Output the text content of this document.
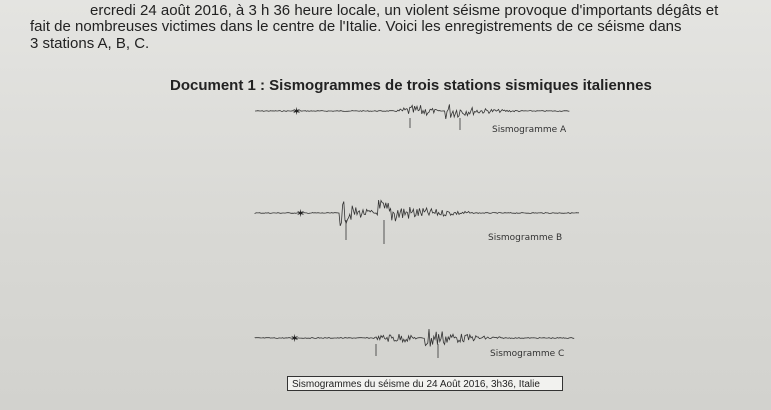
ercredi 24 août 2016, à 3 h 36 heure locale, un violent séisme provoque d'importants dégâts et
fait de nombreuses victimes dans le centre de l'Italie. Voici les enregistrements de ce séisme dans
3 stations A, B, C.
Document 1 : Sismogrammes de trois stations sismiques italiennes
✶
✶
✶
Sismogramme A
Sismogramme B
Sismogramme C
Sismogrammes du séisme du 24 Août 2016, 3h36, Italie
